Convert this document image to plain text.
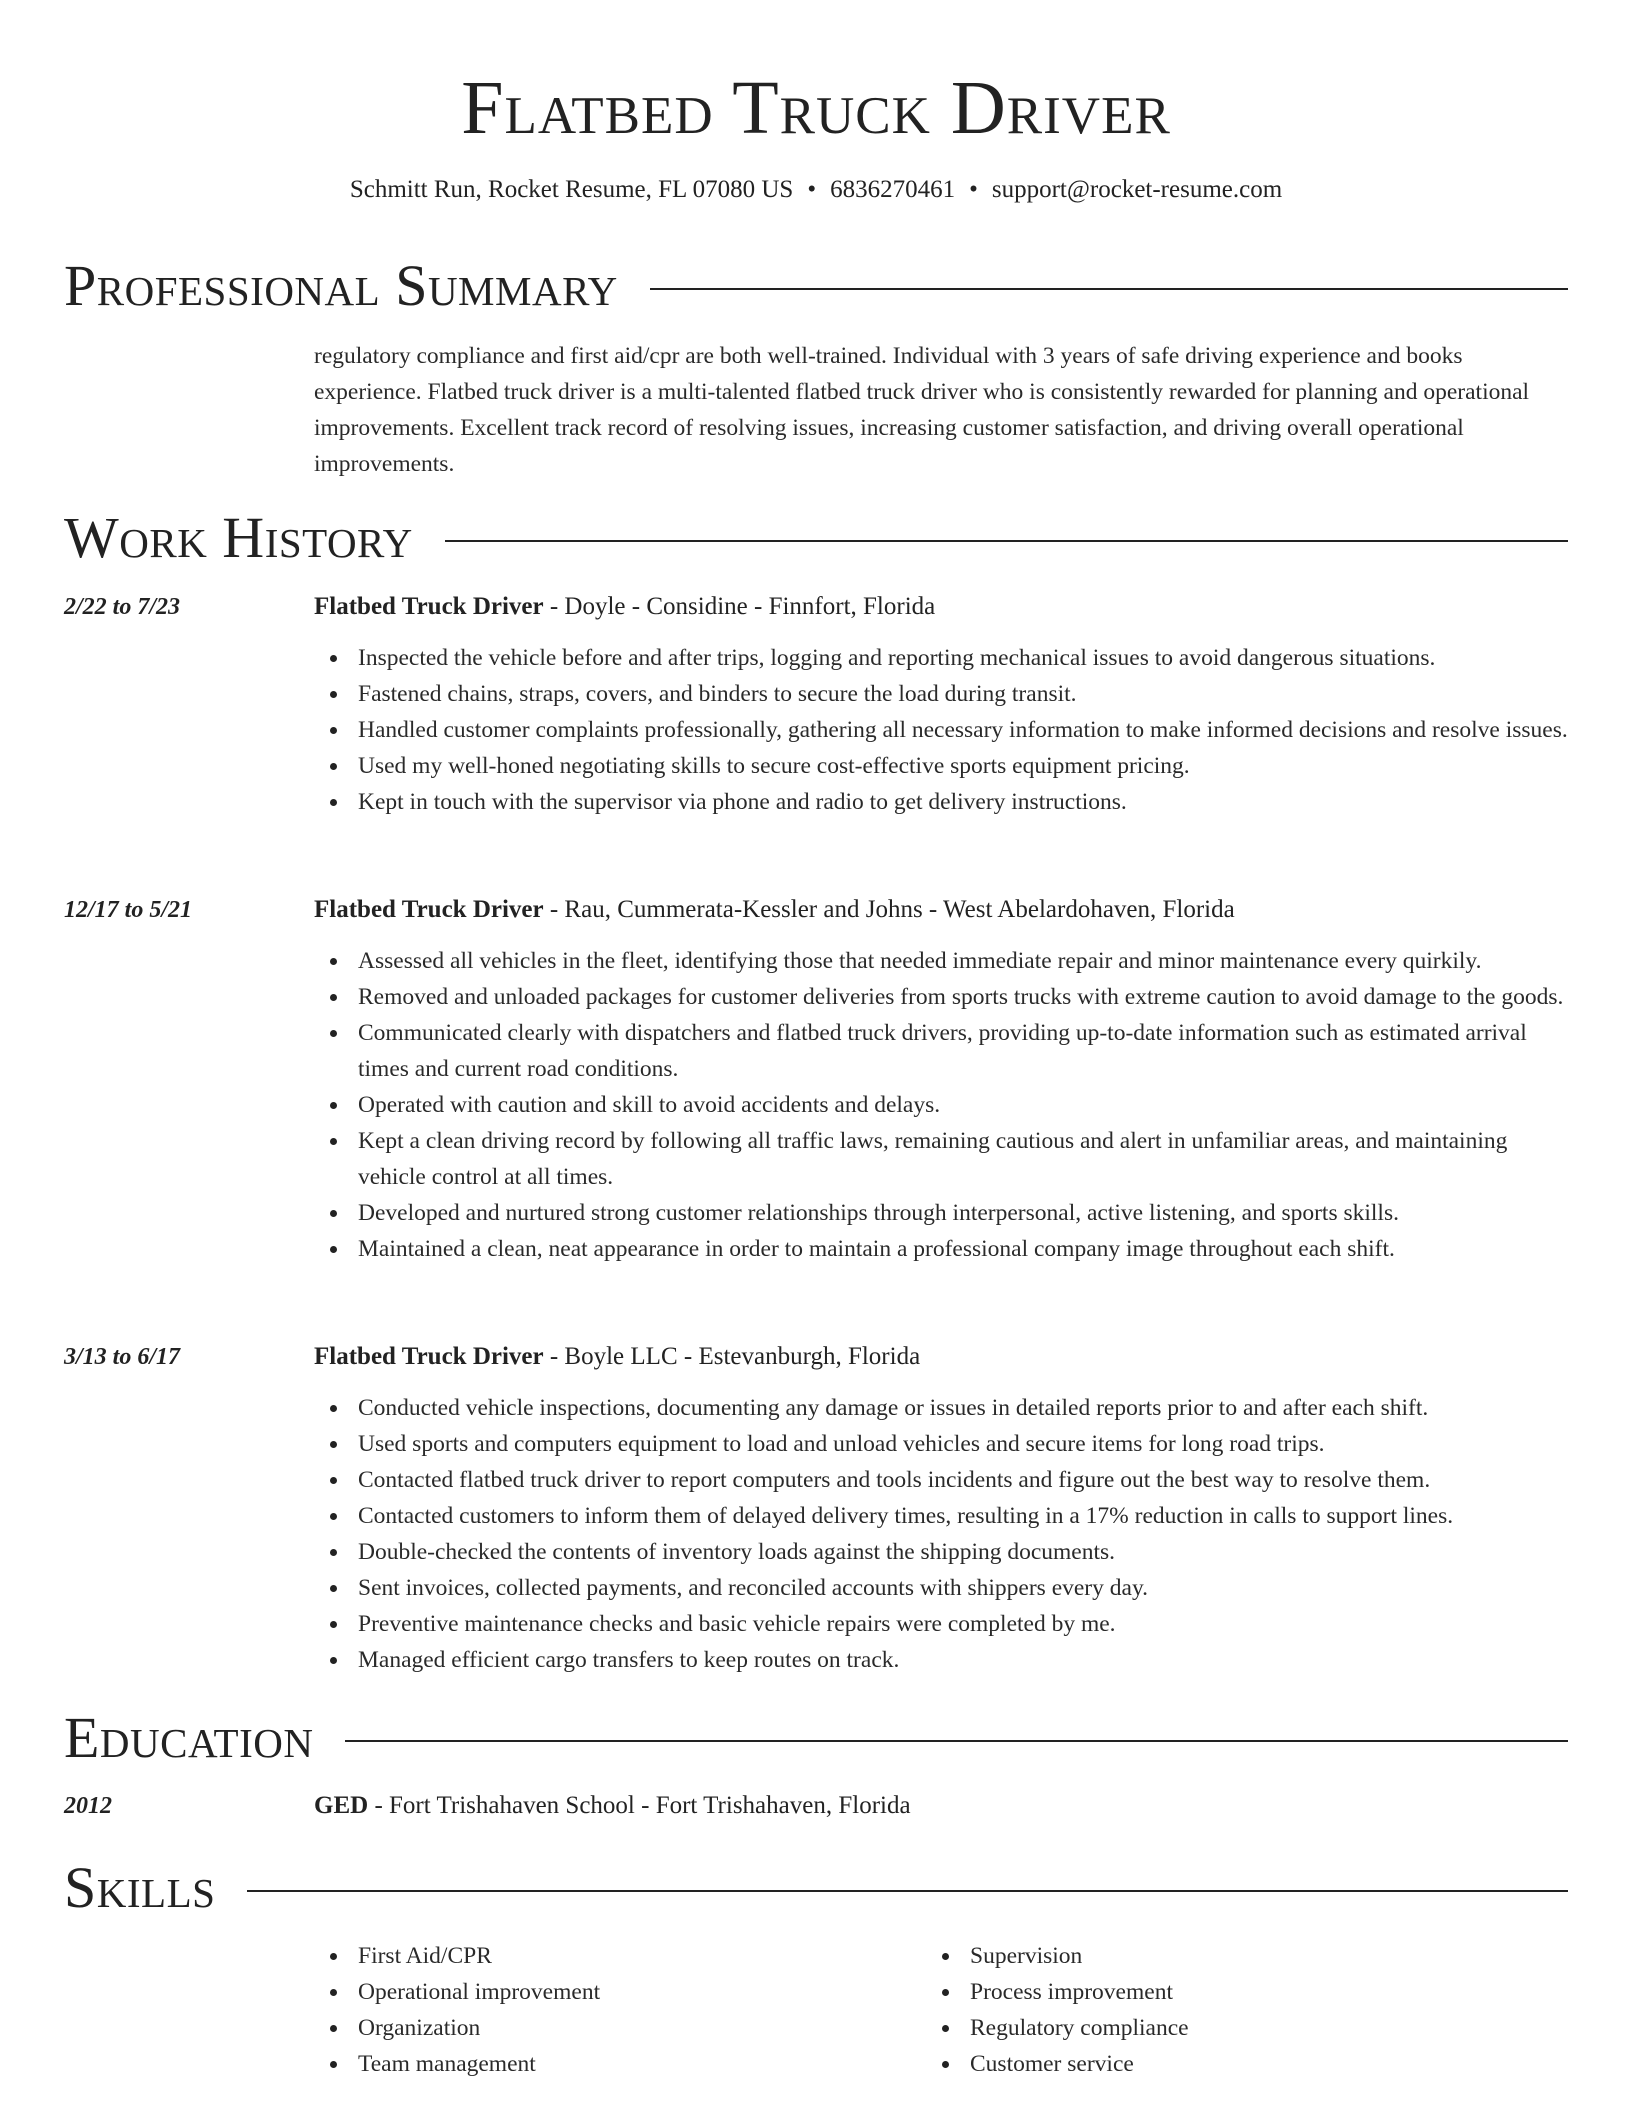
Flatbed Truck Driver
Schmitt Run, Rocket Resume, FL 07080 US • 6836270461 • support@rocket-resume.com
Professional Summary
regulatory compliance and first aid/cpr are both well-trained. Individual with 3 years of safe driving experience and books experience. Flatbed truck driver is a multi-talented flatbed truck driver who is consistently rewarded for planning and operational improvements. Excellent track record of resolving issues, increasing customer satisfaction, and driving overall operational improvements.
Work History
2/22 to 7/23	Flatbed Truck Driver - Doyle - Considine - Finnfort, Florida
Inspected the vehicle before and after trips, logging and reporting mechanical issues to avoid dangerous situations.
Fastened chains, straps, covers, and binders to secure the load during transit.
Handled customer complaints professionally, gathering all necessary information to make informed decisions and resolve issues.
Used my well-honed negotiating skills to secure cost-effective sports equipment pricing.
Kept in touch with the supervisor via phone and radio to get delivery instructions.
12/17 to 5/21	Flatbed Truck Driver - Rau, Cummerata-Kessler and Johns - West Abelardohaven, Florida
Assessed all vehicles in the fleet, identifying those that needed immediate repair and minor maintenance every quirkily.
Removed and unloaded packages for customer deliveries from sports trucks with extreme caution to avoid damage to the goods.
Communicated clearly with dispatchers and flatbed truck drivers, providing up-to-date information such as estimated arrival times and current road conditions.
Operated with caution and skill to avoid accidents and delays.
Kept a clean driving record by following all traffic laws, remaining cautious and alert in unfamiliar areas, and maintaining vehicle control at all times.
Developed and nurtured strong customer relationships through interpersonal, active listening, and sports skills.
Maintained a clean, neat appearance in order to maintain a professional company image throughout each shift.
3/13 to 6/17	Flatbed Truck Driver - Boyle LLC - Estevanburgh, Florida
Conducted vehicle inspections, documenting any damage or issues in detailed reports prior to and after each shift.
Used sports and computers equipment to load and unload vehicles and secure items for long road trips.
Contacted flatbed truck driver to report computers and tools incidents and figure out the best way to resolve them.
Contacted customers to inform them of delayed delivery times, resulting in a 17% reduction in calls to support lines.
Double-checked the contents of inventory loads against the shipping documents.
Sent invoices, collected payments, and reconciled accounts with shippers every day.
Preventive maintenance checks and basic vehicle repairs were completed by me.
Managed efficient cargo transfers to keep routes on track.
Education
2012	GED - Fort Trishahaven School - Fort Trishahaven, Florida
Skills
First Aid/CPR
Operational improvement
Organization
Team management
Supervision
Process improvement
Regulatory compliance
Customer service
